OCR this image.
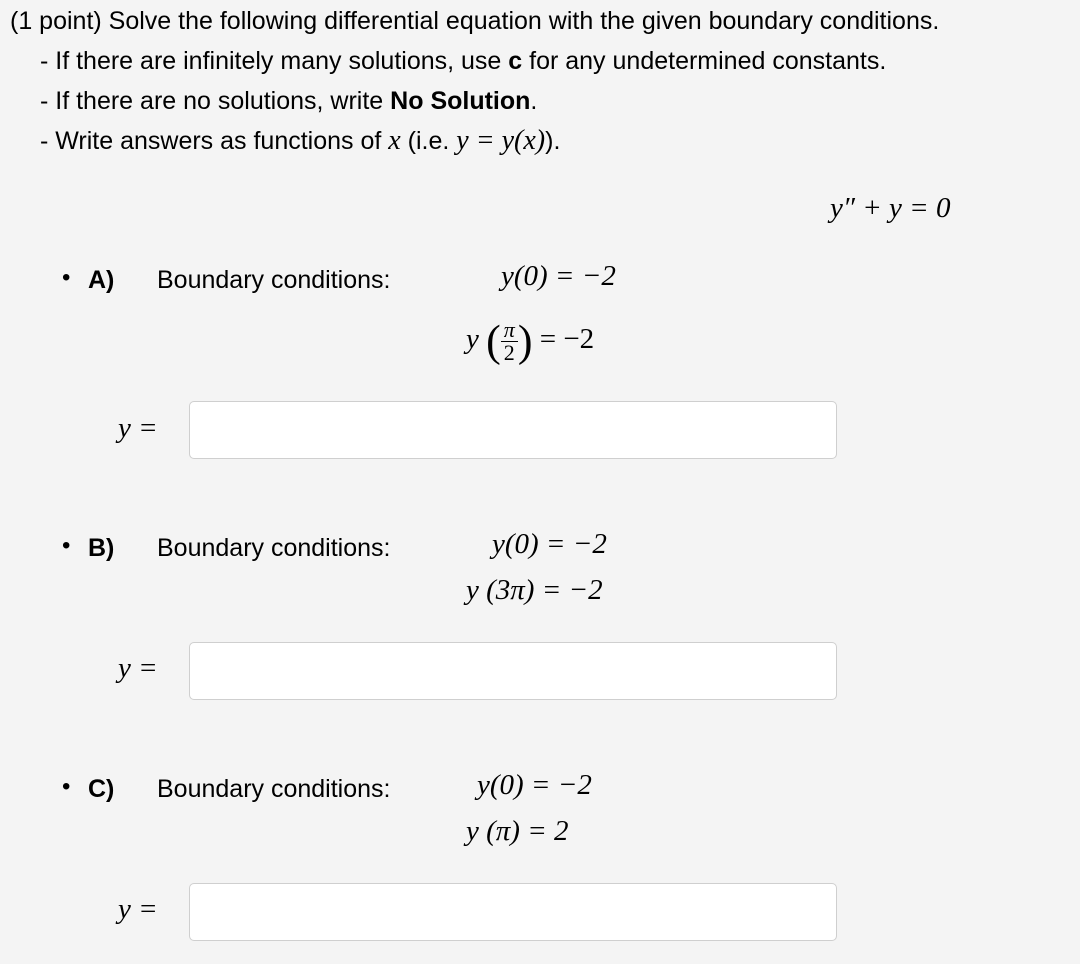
(1 point) Solve the following differential equation with the given boundary conditions.
- If there are infinitely many solutions, use c for any undetermined constants.
- If there are no solutions, write No Solution.
- Write answers as functions of x (i.e. y = y(x)).
y″ + y = 0
• A) Boundary conditions:	y(0) = −2
y ( $\frac{\pi}{2}$ ) = −2
y =
• B) Boundary conditions:	y(0) = −2
y (3π) = −2
y =
• C) Boundary conditions:	y(0) = −2
y (π) = 2
y =
